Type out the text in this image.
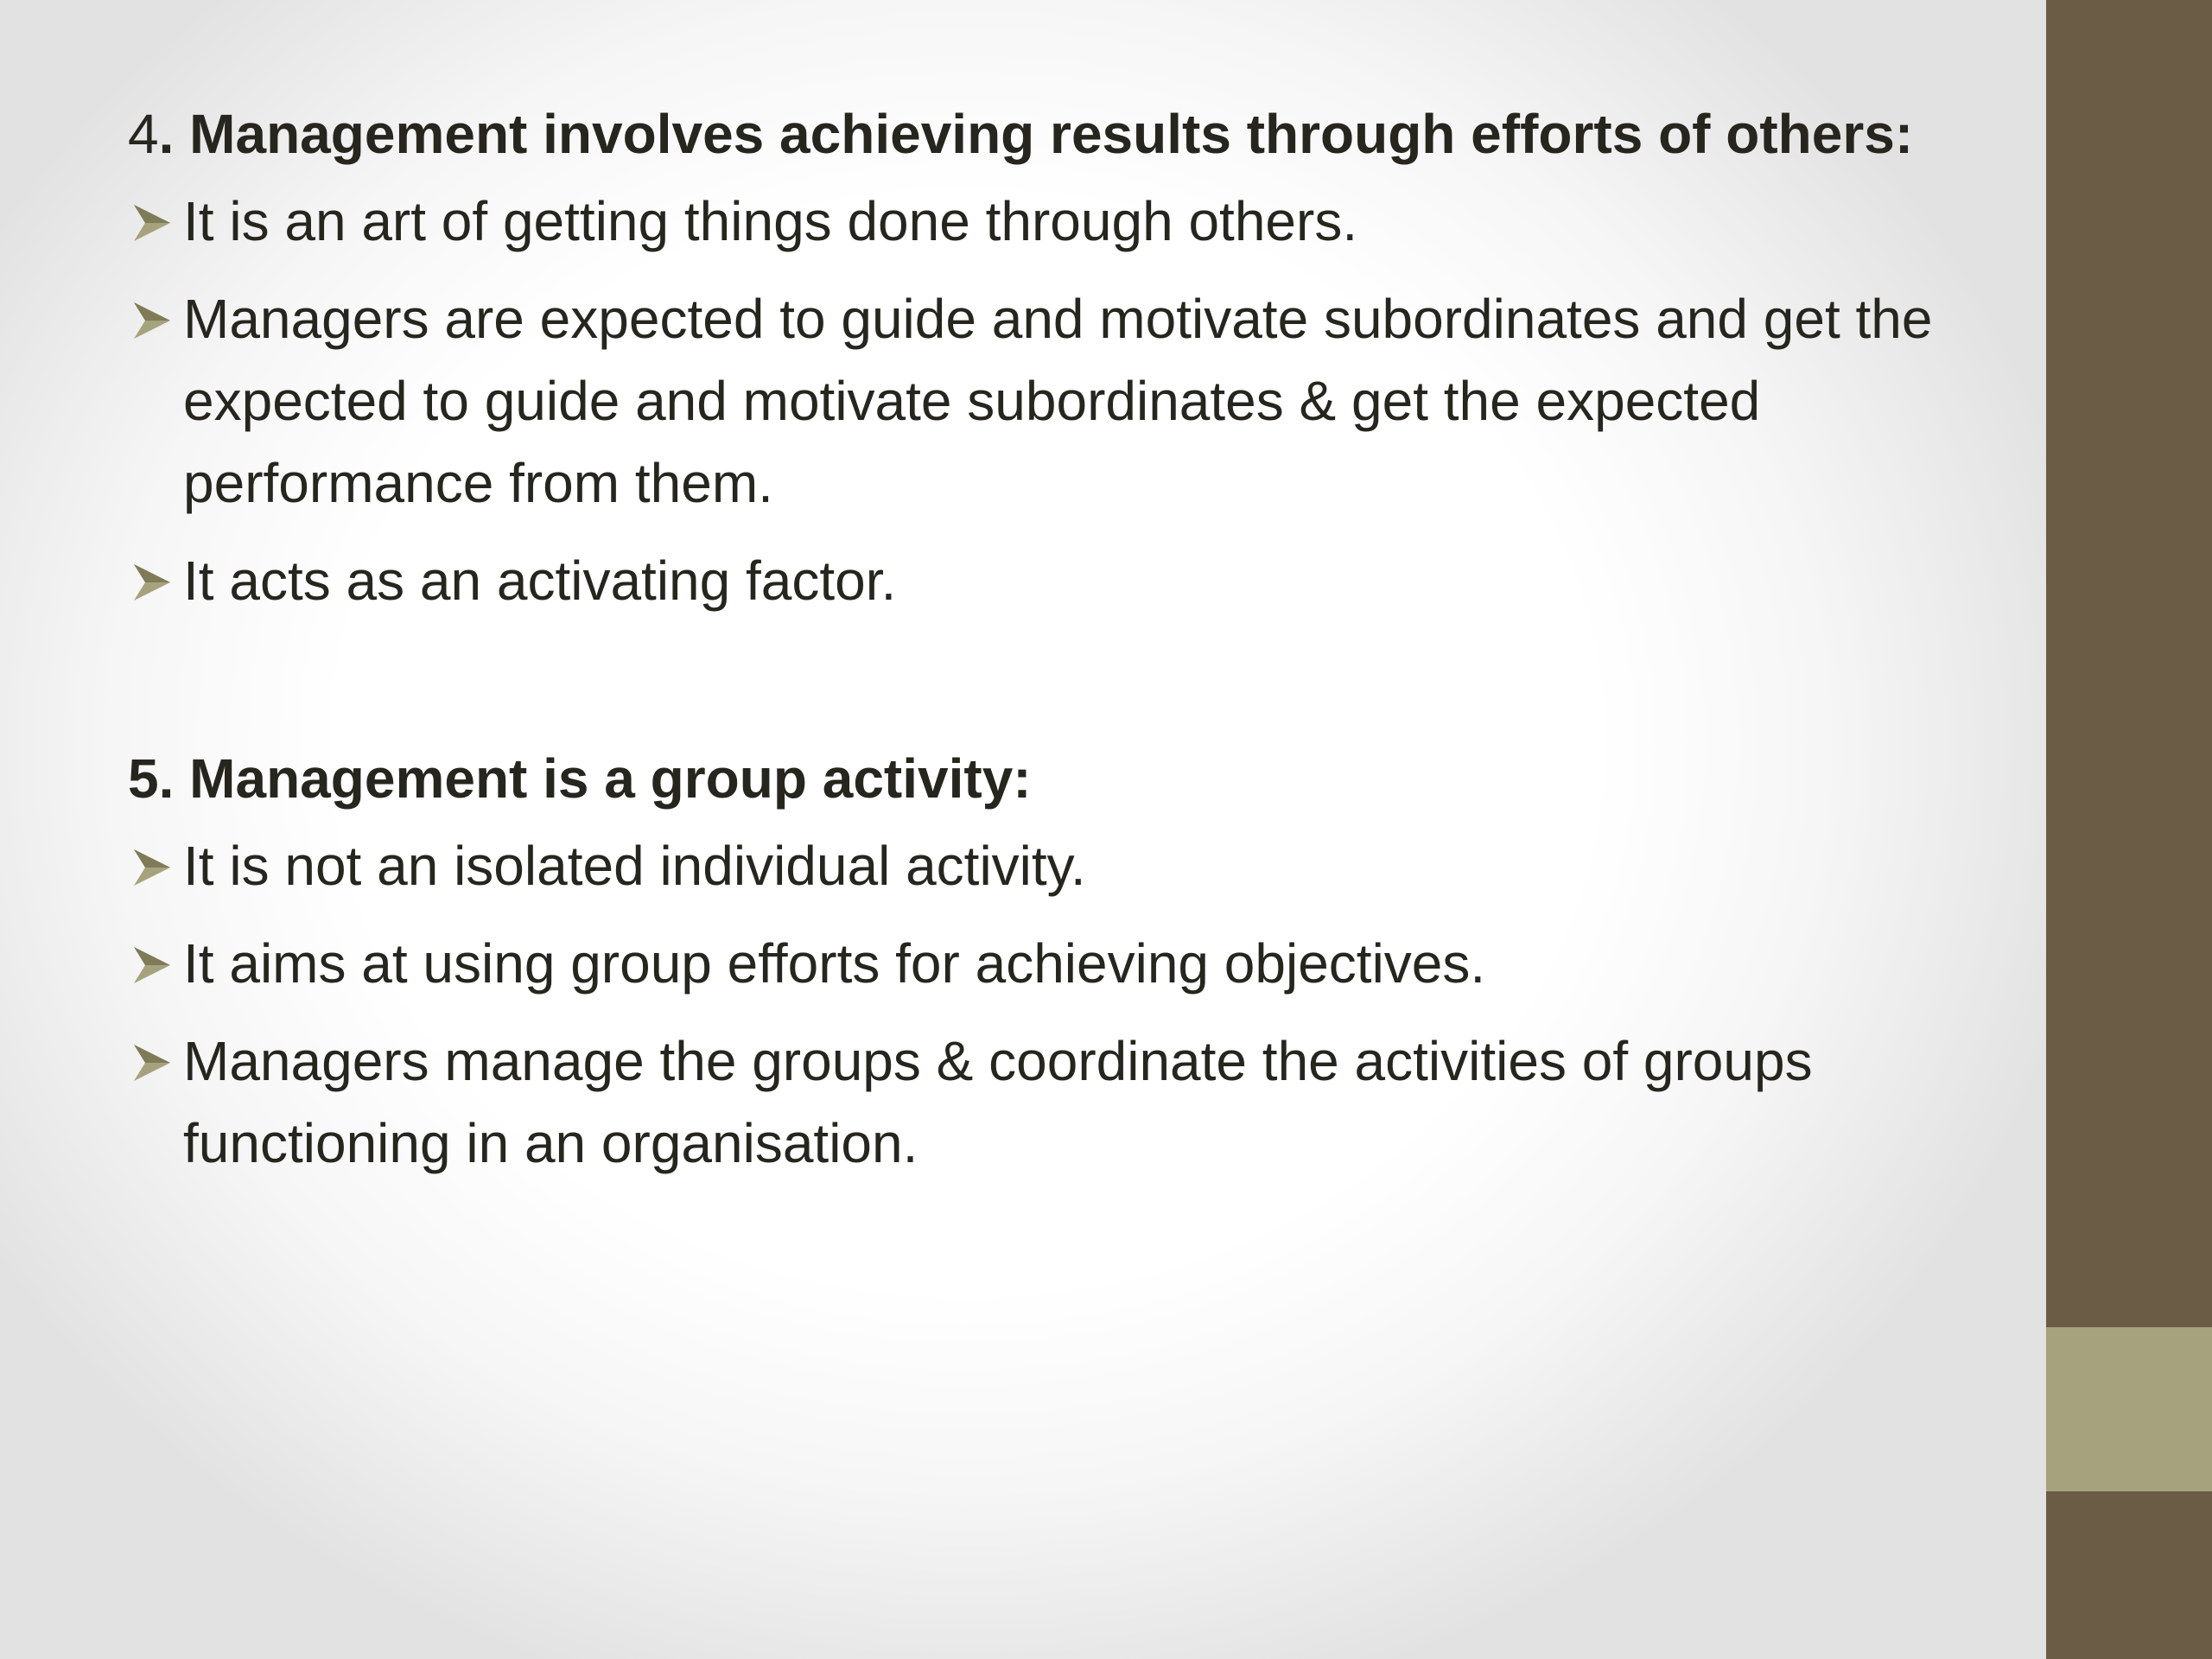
4. Management involves achieving results through efforts of others:

It is an art of getting things done through others.
Managers are expected to guide and motivate subordinates and get the expected to guide and motivate subordinates & get the expected performance from them.
It acts as an activating factor.

5. Management is a group activity:

It is not an isolated individual activity.
It aims at using group efforts for achieving objectives.
Managers manage the groups & coordinate the activities of groups functioning in an organisation.
